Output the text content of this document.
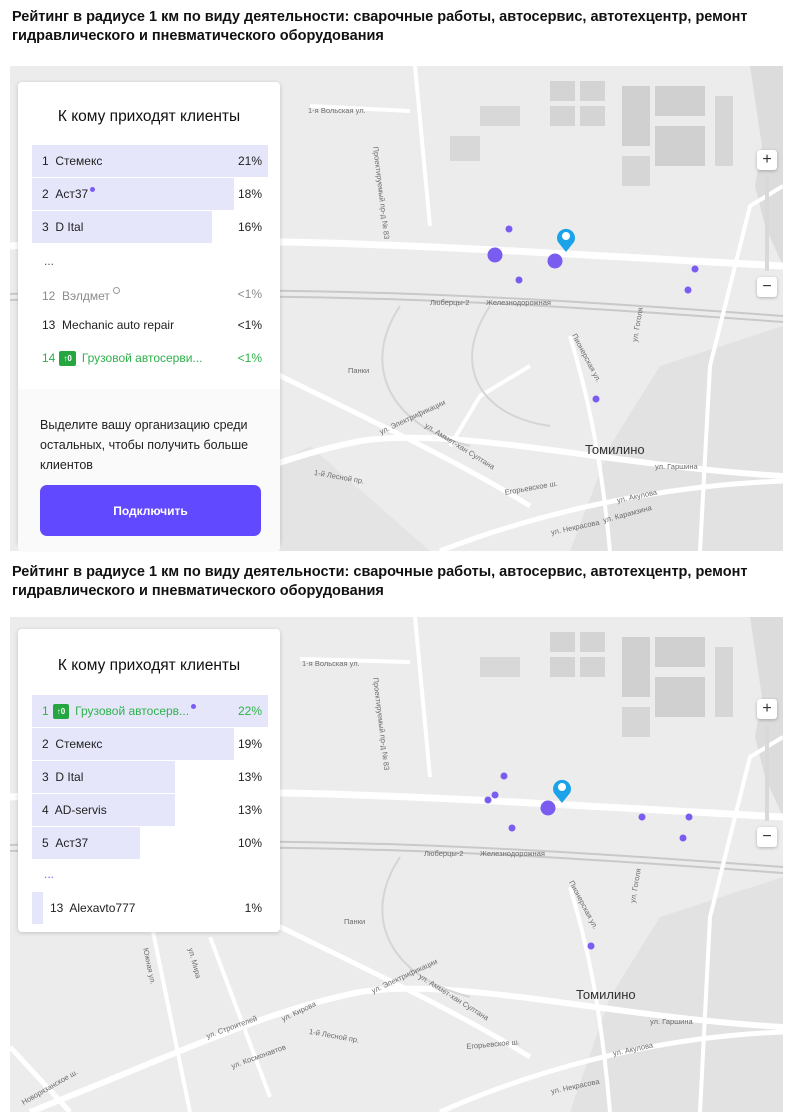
Рейтинг в радиусе 1 км по виду деятельности: сварочные работы, автосервис, автотехцентр, ремонт гидравлического и пневматического оборудования
1-я Вольская ул.
Проектируемый пр-д № 83
Люберцы-2 Железнодорожная
Панки	Пионерская ул.
ул. Гоголя
ул. Аммет-хан Султана
ул. Электрификации
1-й Лесной пр.
Егорьевское ш.
ул. Гаршина
ул. Акулова
ул. Карамзина
ул. Некрасова
Томилино
+
−
К кому приходят клиенты
1 Стемекс	21%
2 Аст37	18%
3 D Ital	16%
...
12 Вэлдмет	<1%
13 Mechanic auto repair	<1%
14 ↑0 Грузовой автосерви...	<1%
Выделите вашу организацию среди остальных, чтобы получить больше клиентов
Подключить
Рейтинг в радиусе 1 км по виду деятельности: сварочные работы, автосервис, автотехцентр, ремонт гидравлического и пневматического оборудования
1-я Вольская ул.
Проектируемый пр-д № 83
Люберцы-2 Железнодорожная
Панки	Пионерская ул.	ул. Гоголя
ул. Аммет-хан Султана
ул. Электрификации
ул. Кирова
1-й Лесной пр.
ул. Мира
Южная ул.
ул. Строителей
ул. Космонавтов
Новорязанское ш.
Егорьевское ш.
ул. Гаршина
ул. Акулова
ул. Некрасова
Томилино
+
−
К кому приходят клиенты
1 ↑0 Грузовой автосерв...	22%
2 Стемекс	19%
3 D Ital	13%
4 AD-servis	13%
5 Аст37	10%
...
13 Alexavto777	1%
